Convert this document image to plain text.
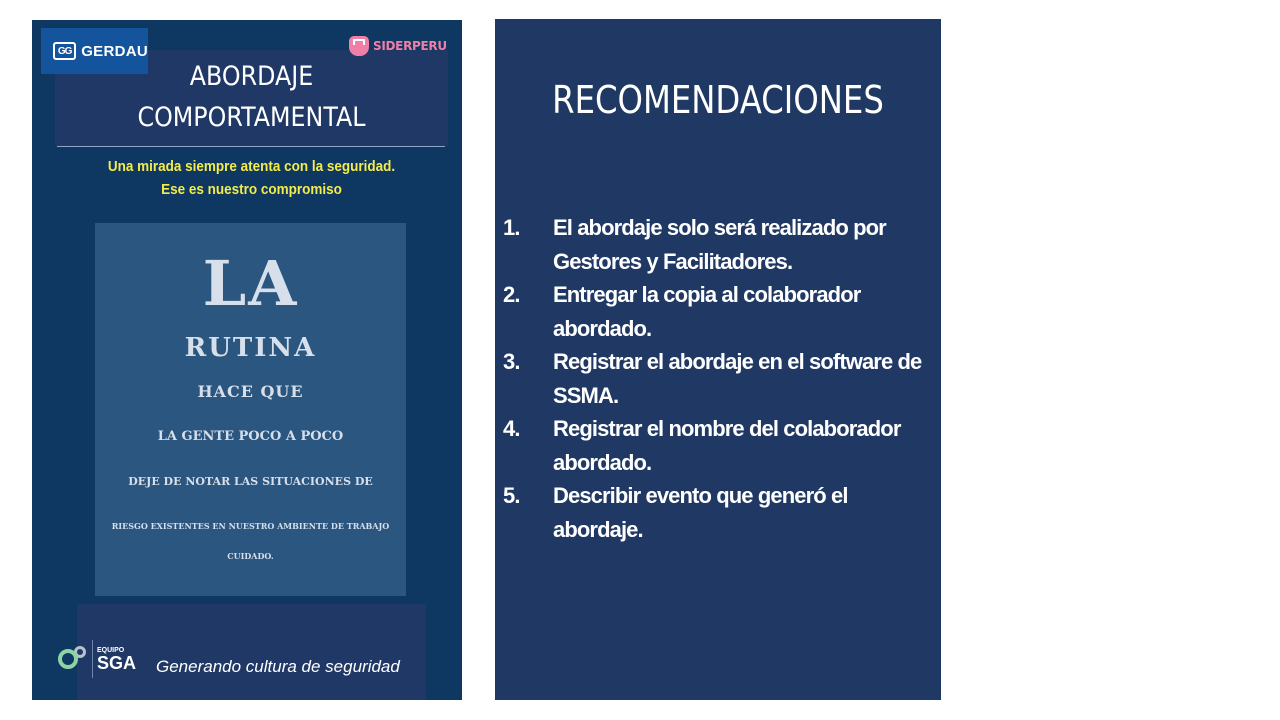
GG GERDAU	SIDERPERU
ABORDAJE
COMPORTAMENTAL
Una mirada siempre atenta con la seguridad.
Ese es nuestro compromiso
LA
RUTINA
HACE QUE
LA GENTE POCO A POCO
DEJE DE NOTAR LAS SITUACIONES DE
RIESGO EXISTENTES EN NUESTRO AMBIENTE DE TRABAJO
CUIDADO.
EQUIPO
SGA Generando cultura de seguridad
RECOMENDACIONES
1.	El abordaje solo será realizado por Gestores y Facilitadores.
2.	Entregar la copia al colaborador abordado.
3.	Registrar el abordaje en el software de SSMA.
4.	Registrar el nombre del colaborador abordado.
5.	Describir evento que generó el abordaje.
